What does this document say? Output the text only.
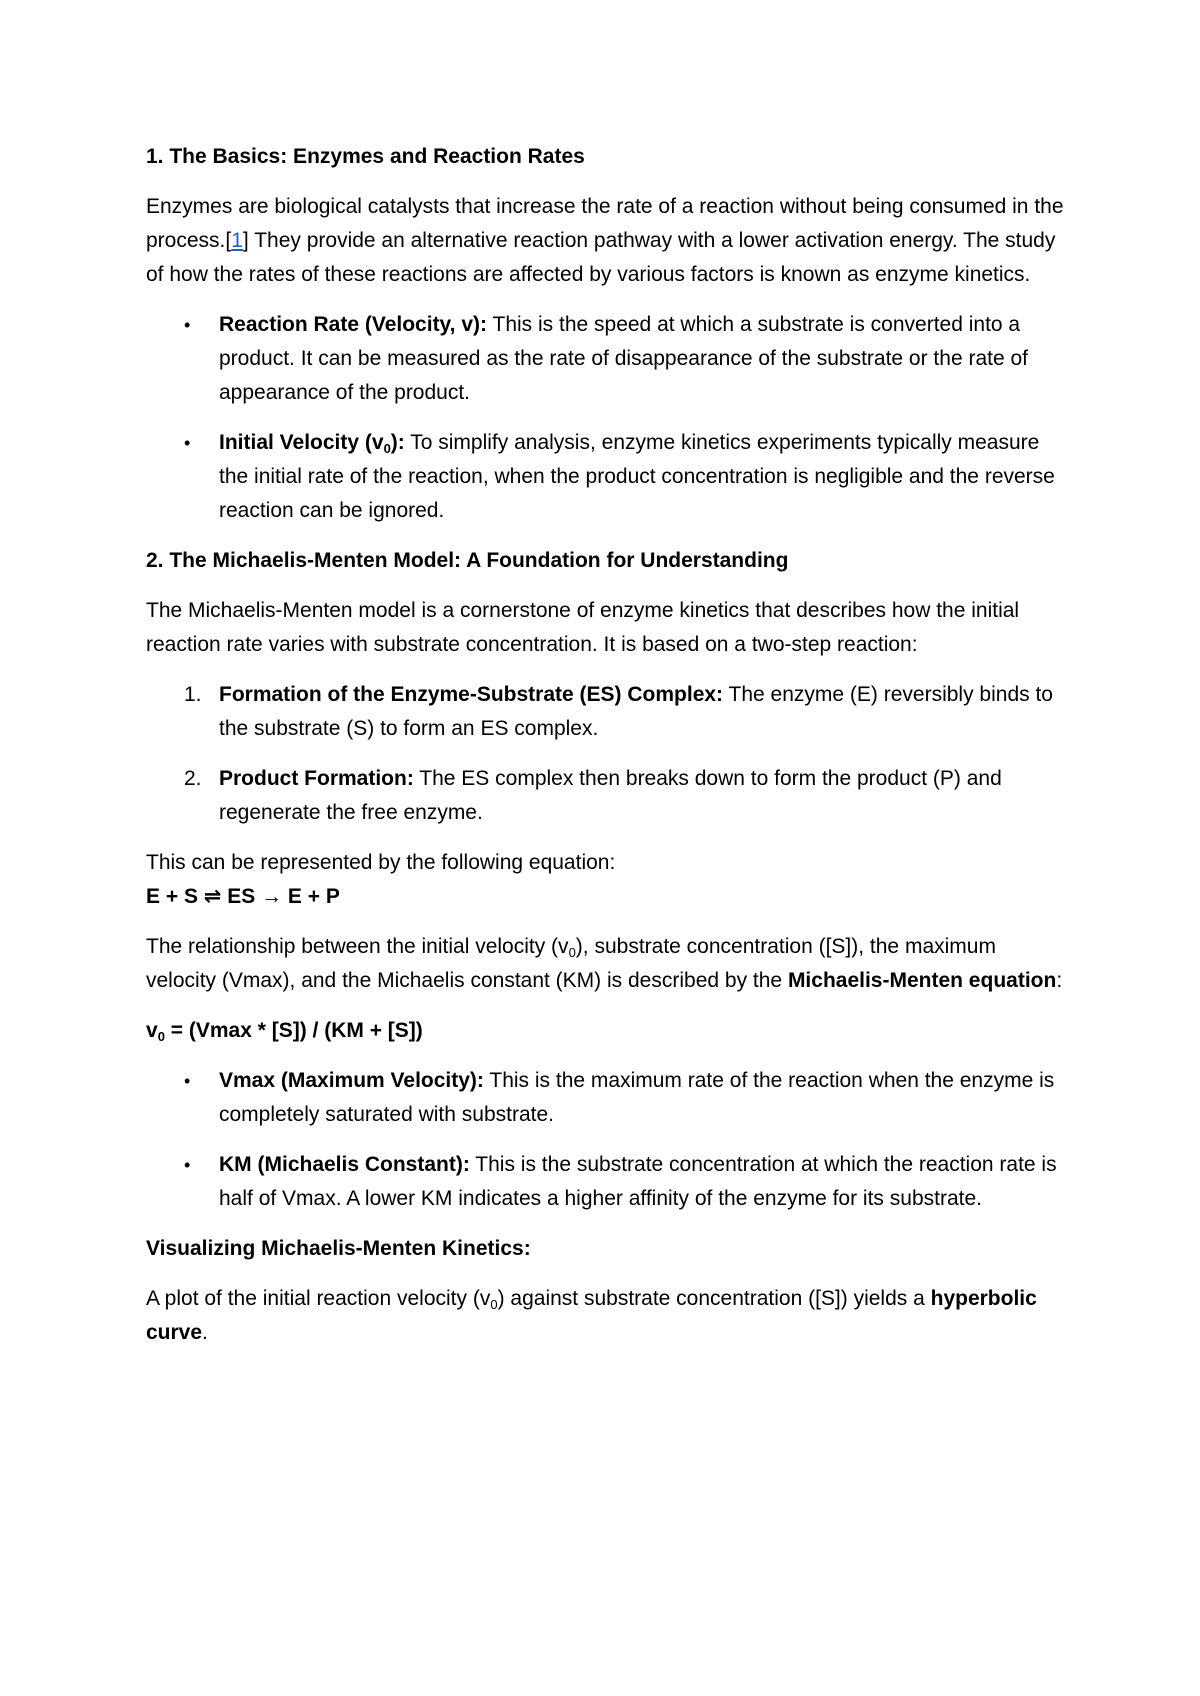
1. The Basics: Enzymes and Reaction Rates

Enzymes are biological catalysts that increase the rate of a reaction without being consumed in the process.[1] They provide an alternative reaction pathway with a lower activation energy. The study of how the rates of these reactions are affected by various factors is known as enzyme kinetics.

• Reaction Rate (Velocity, v): This is the speed at which a substrate is converted into a product. It can be measured as the rate of disappearance of the substrate or the rate of appearance of the product.
• Initial Velocity $(v_0)$: To simplify analysis, enzyme kinetics experiments typically measure the initial rate of the reaction, when the product concentration is negligible and the reverse reaction can be ignored.
2. The Michaelis-Menten Model: A Foundation for Understanding

The Michaelis-Menten model is a cornerstone of enzyme kinetics that describes how the initial reaction rate varies with substrate concentration. It is based on a two-step reaction:

1. Formation of the Enzyme-Substrate (ES) Complex: The enzyme (E) reversibly binds to the substrate (S) to form an ES complex.
2. Product Formation: The ES complex then breaks down to form the product (P) and regenerate the free enzyme.

This can be represented by the following equation:

E + S ⇌ ES → E + P

The relationship between the initial velocity $(v_0)$, substrate concentration ([S]), the maximum velocity (Vmax), and the Michaelis constant (KM) is described by the Michaelis-Menten equation:

$v_0 = (Vmax * [S]) / (KM + [S])$

• Vmax (Maximum Velocity): This is the maximum rate of the reaction when the enzyme is completely saturated with substrate.
• KM (Michaelis Constant): This is the substrate concentration at which the reaction rate is half of Vmax. A lower KM indicates a higher affinity of the enzyme for its substrate.
Visualizing Michaelis-Menten Kinetics:

A plot of the initial reaction velocity $(v_0)$ against substrate concentration ([S]) yields a hyperbolic curve.
